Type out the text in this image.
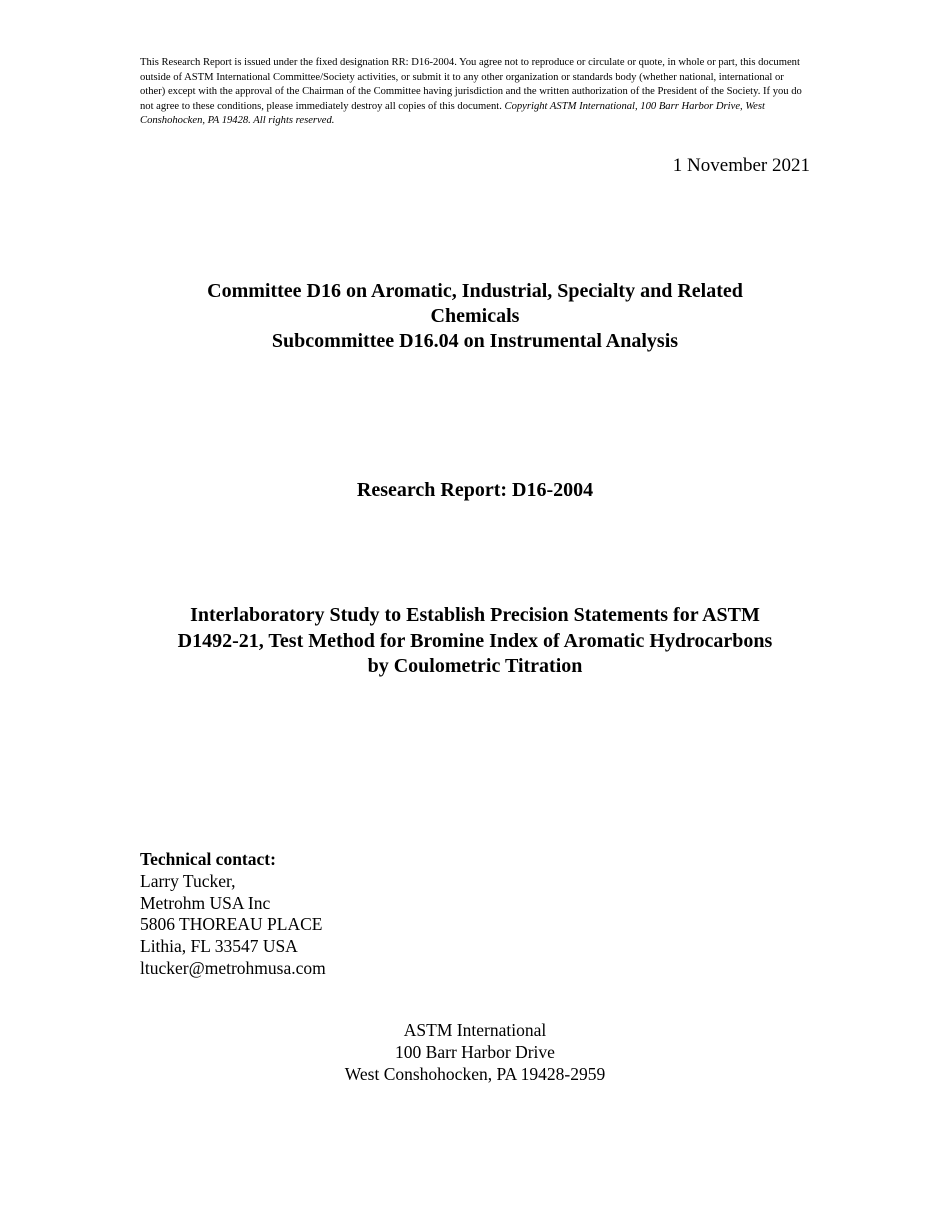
This Research Report is issued under the fixed designation RR: D16-2004. You agree not to reproduce or circulate or quote, in whole or part, this document outside of ASTM International Committee/Society activities, or submit it to any other organization or standards body (whether national, international or other) except with the approval of the Chairman of the Committee having jurisdiction and the written authorization of the President of the Society. If you do not agree to these conditions, please immediately destroy all copies of this document. Copyright ASTM International, 100 Barr Harbor Drive, West Conshohocken, PA 19428. All rights reserved.
1 November 2021
Committee D16 on Aromatic, Industrial, Specialty and Related
Chemicals
Subcommittee D16.04 on Instrumental Analysis
Research Report: D16-2004
Interlaboratory Study to Establish Precision Statements for ASTM
D1492-21, Test Method for Bromine Index of Aromatic Hydrocarbons
by Coulometric Titration
Technical contact:
Larry Tucker,
Metrohm USA Inc
5806 THOREAU PLACE
Lithia, FL 33547 USA
ltucker@metrohmusa.com
ASTM International
100 Barr Harbor Drive
West Conshohocken, PA 19428-2959
